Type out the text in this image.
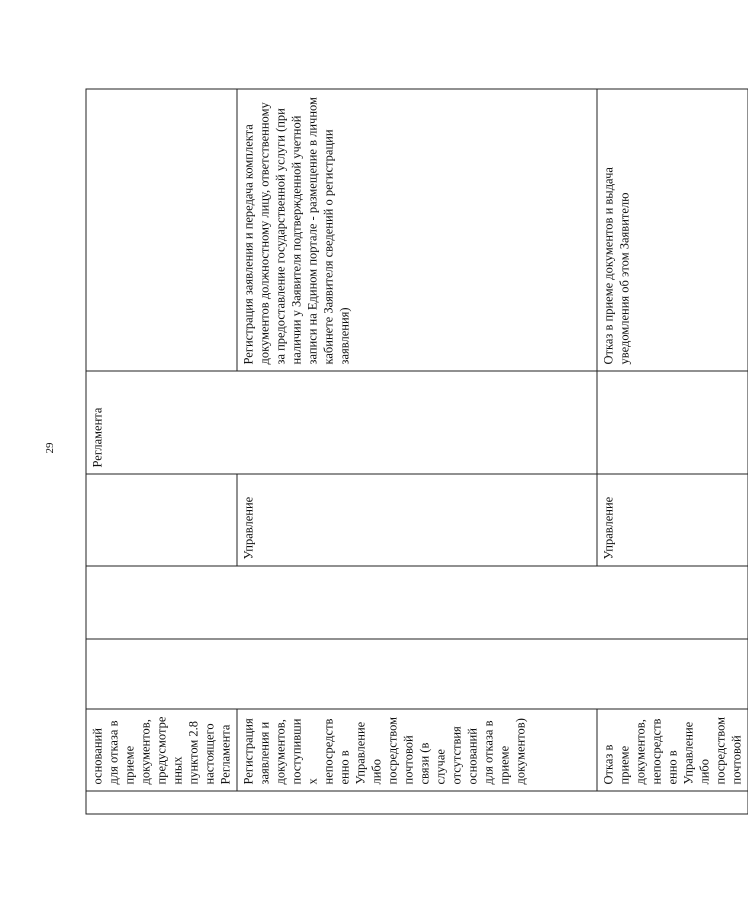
29

	оснований для отказа в приеме документов, предусмотренных пунктом 2.8 настоящего Регламента				Регламента	

	Регистрация заявления и документов, поступивших непосредственно в Управление либо посредством почтовой связи (в случае отсутствия оснований для отказа в приеме документов)			Управление		Регистрация заявления и передача комплекта документов должностному лицу, ответственному за предоставление государственной услуги (при наличии у Заявителя подтвержденной учетной записи на Едином портале - размещение в личном кабинете Заявителя сведений о регистрации заявления)

	Отказ в приеме документов, непосредственно в Управление либо посредством почтовой			Управление		Отказ в приеме документов и выдача уведомления об этом Заявителю
